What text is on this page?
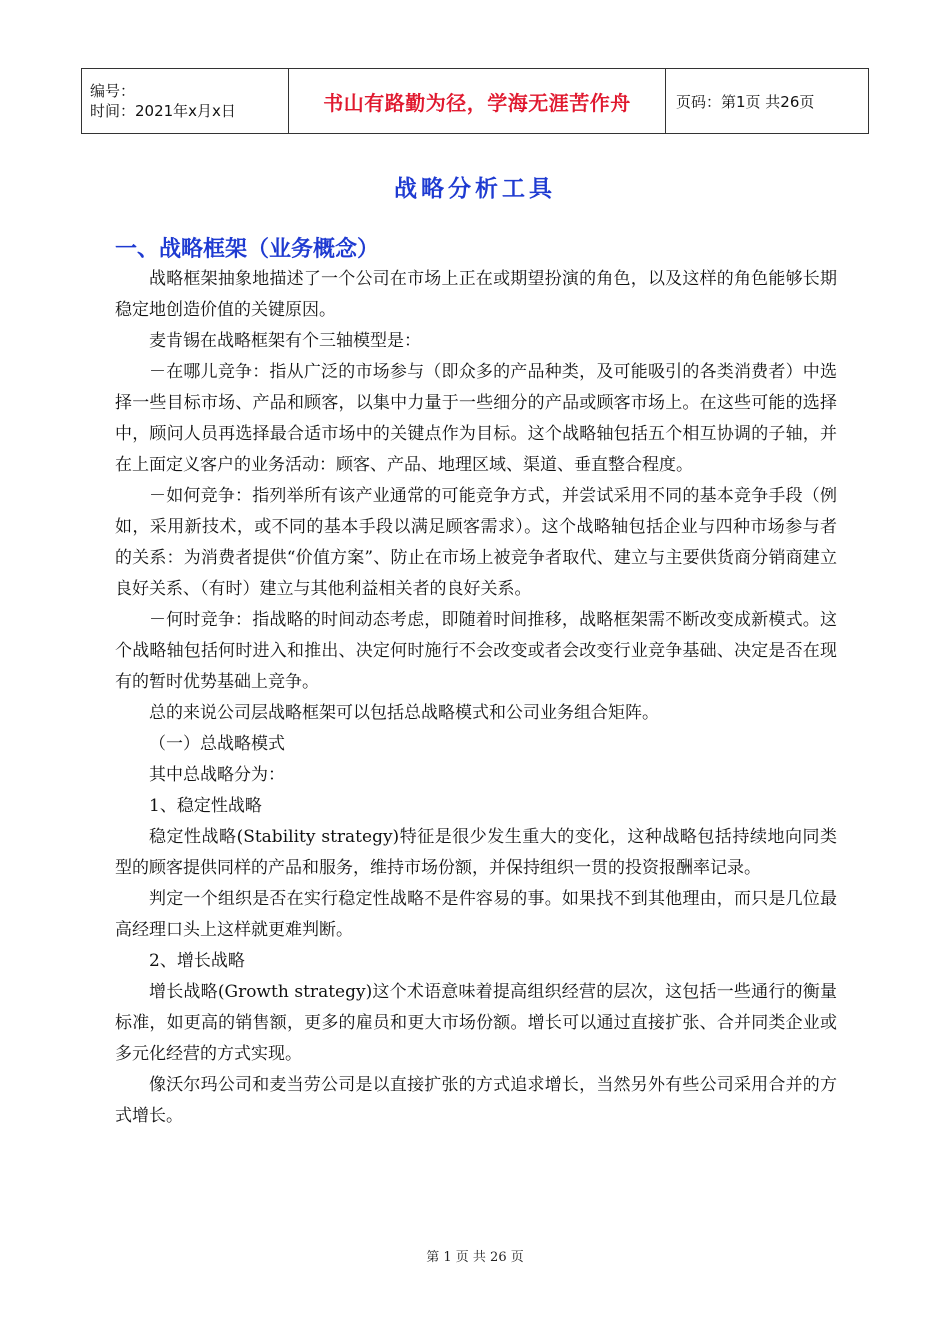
编号：
时间：2021年x月x日	书山有路勤为径，学海无涯苦作舟	页码：第1页 共26页
战略分析工具
一、战略框架（业务概念）

战略框架抽象地描述了一个公司在市场上正在或期望扮演的角色，以及这样的角色能够长期稳定地创造价值的关键原因。

麦肯锡在战略框架有个三轴模型是：

－在哪儿竞争：指从广泛的市场参与（即众多的产品种类，及可能吸引的各类消费者）中选择一些目标市场、产品和顾客，以集中力量于一些细分的产品或顾客市场上。在这些可能的选择中，顾问人员再选择最合适市场中的关键点作为目标。这个战略轴包括五个相互协调的子轴，并在上面定义客户的业务活动：顾客、产品、地理区域、渠道、垂直整合程度。

－如何竞争：指列举所有该产业通常的可能竞争方式，并尝试采用不同的基本竞争手段（例如，采用新技术，或不同的基本手段以满足顾客需求）。这个战略轴包括企业与四种市场参与者的关系：为消费者提供“价值方案”、防止在市场上被竞争者取代、建立与主要供货商分销商建立良好关系、（有时）建立与其他利益相关者的良好关系。

－何时竞争：指战略的时间动态考虑，即随着时间推移，战略框架需不断改变成新模式。这个战略轴包括何时进入和推出、决定何时施行不会改变或者会改变行业竞争基础、决定是否在现有的暂时优势基础上竞争。

总的来说公司层战略框架可以包括总战略模式和公司业务组合矩阵。

（一）总战略模式

其中总战略分为：

1、稳定性战略

稳定性战略(Stability strategy)特征是很少发生重大的变化，这种战略包括持续地向同类型的顾客提供同样的产品和服务，维持市场份额，并保持组织一贯的投资报酬率记录。

判定一个组织是否在实行稳定性战略不是件容易的事。如果找不到其他理由，而只是几位最高经理口头上这样就更难判断。

2、增长战略

增长战略(Growth strategy)这个术语意味着提高组织经营的层次，这包括一些通行的衡量标准，如更高的销售额，更多的雇员和更大市场份额。增长可以通过直接扩张、合并同类企业或多元化经营的方式实现。

像沃尔玛公司和麦当劳公司是以直接扩张的方式追求增长，当然另外有些公司采用合并的方式增长。

第 1 页 共 26 页
